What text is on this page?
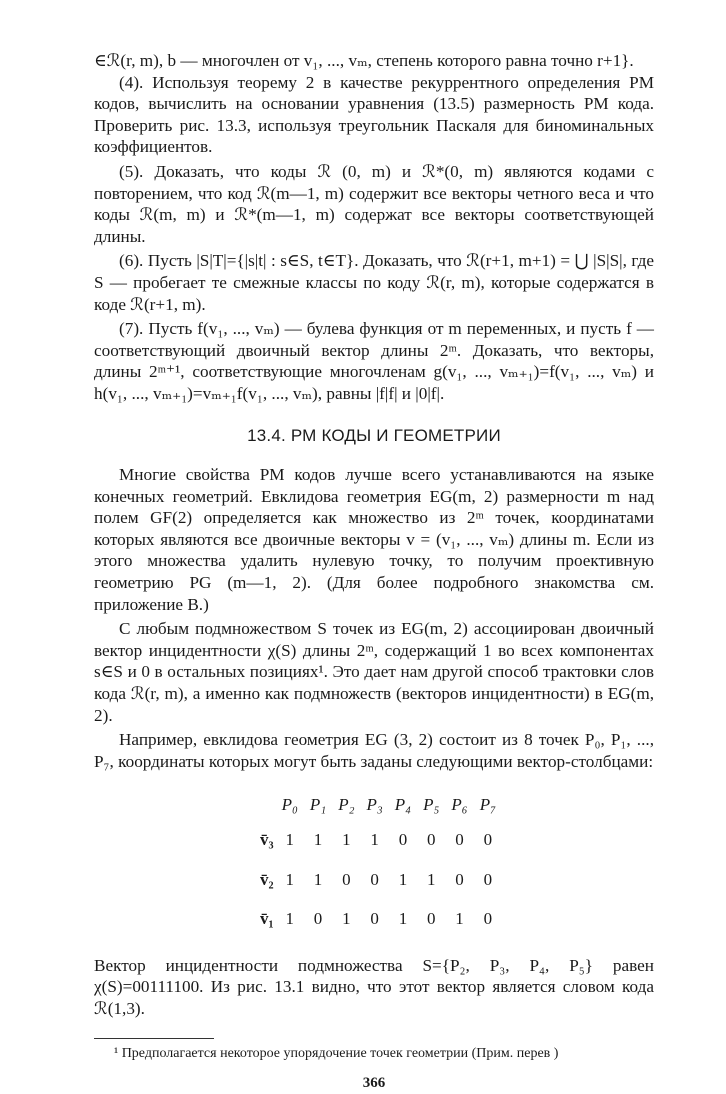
∈ℛ(r, m), b — многочлен от v₁, ..., vₘ, степень которого равна точно r+1}.

(4). Используя теорему 2 в качестве рекуррентного определения РМ кодов, вычислить на основании уравнения (13.5) размерность РМ кода. Проверить рис. 13.3, используя треугольник Паскаля для биноминальных коэффициентов.

(5). Доказать, что коды ℛ (0, m) и ℛ*(0, m) являются кодами с повторением, что код ℛ(m—1, m) содержит все векторы четного веса и что коды ℛ(m, m) и ℛ*(m—1, m) содержат все векторы соответствующей длины.

(6). Пусть |S|T|={|s|t| : s∈S, t∈T}. Доказать, что ℛ(r+1, m+1) = ⋃ |S|S|, где S — пробегает те смежные классы по коду ℛ(r, m), которые содержатся в коде ℛ(r+1, m).

(7). Пусть f(v₁, ..., vₘ) — булева функция от m переменных, и пусть f — соответствующий двоичный вектор длины 2ᵐ. Доказать, что векторы, длины 2ᵐ⁺¹, соответствующие многочленам g(v₁, ..., vₘ₊₁)=f(v₁, ..., vₘ) и h(v₁, ..., vₘ₊₁)=vₘ₊₁f(v₁, ..., vₘ), равны |f|f| и |0|f|.

13.4. РМ КОДЫ И ГЕОМЕТРИИ

Многие свойства РМ кодов лучше всего устанавливаются на языке конечных геометрий. Евклидова геометрия EG(m, 2) размерности m над полем GF(2) определяется как множество из 2ᵐ точек, координатами которых являются все двоичные векторы v = (v₁, ..., vₘ) длины m. Если из этого множества удалить нулевую точку, то получим проективную геометрию PG (m—1, 2). (Для более подробного знакомства см. приложение В.)

С любым подмножеством S точек из EG(m, 2) ассоциирован двоичный вектор инцидентности χ(S) длины 2ᵐ, содержащий 1 во всех компонентах s∈S и 0 в остальных позициях¹. Это дает нам другой способ трактовки слов кода ℛ(r, m), а именно как подмножеств (векторов инцидентности) в EG(m, 2).

Например, евклидова геометрия EG (3, 2) состоит из 8 точек P₀, P₁, ..., P₇, координаты которых могут быть заданы следующими вектор-столбцами:

	P₀	P₁	P₂	P₃	P₄	P₅	P₆	P₇
v̄₃	1	1	1	1	0	0	0	0
v̄₂	1	1	0	0	1	1	0	0
v̄₁	1	0	1	0	1	0	1	0

Вектор инцидентности подмножества S={P₂, P₃, P₄, P₅} равен χ(S)=00111100. Из рис. 13.1 видно, что этот вектор является словом кода ℛ(1,3).

¹ Предполагается некоторое упорядочение точек геометрии (Прим. перев )

366
